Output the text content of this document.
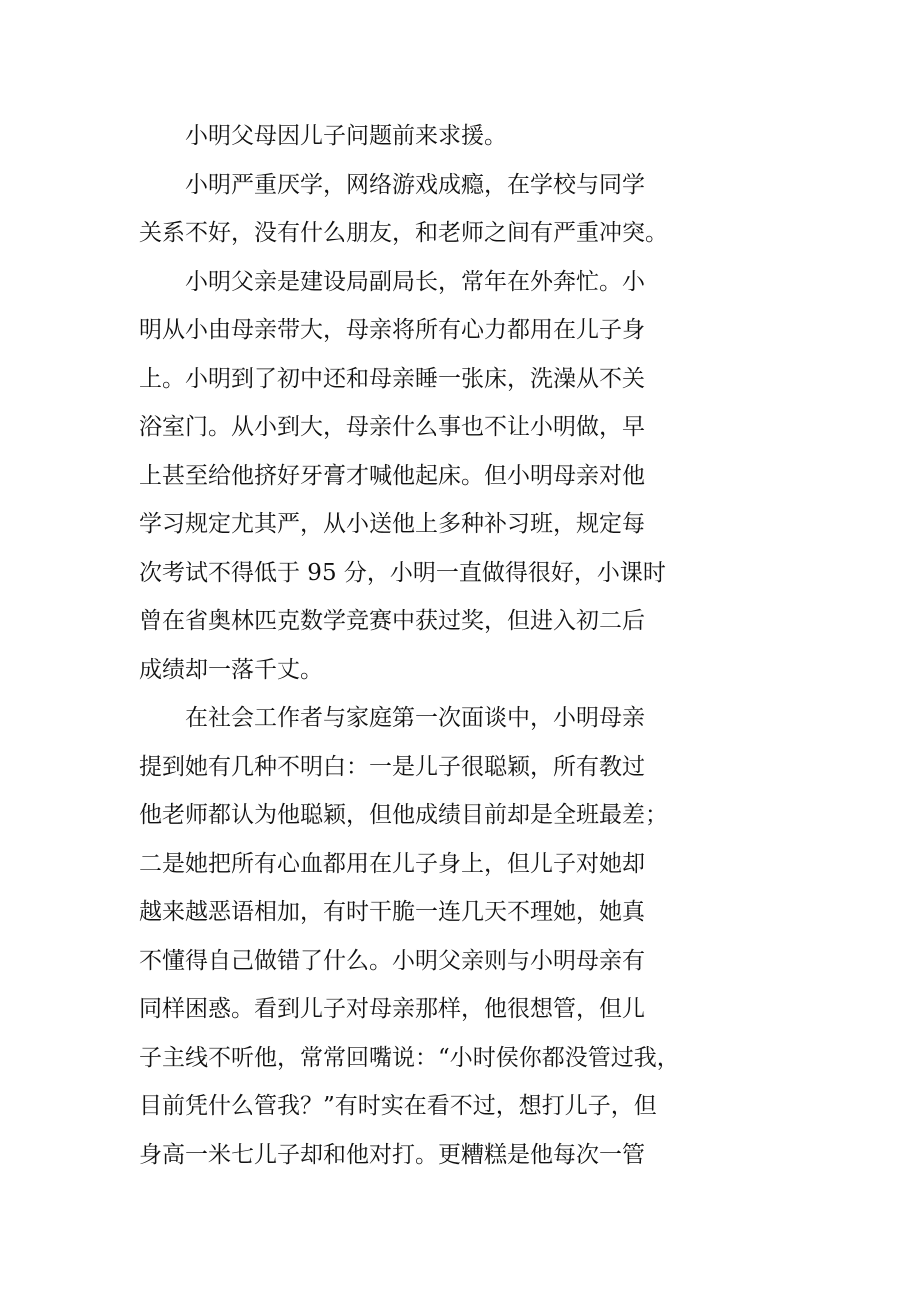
小明父母因儿子问题前来求援。
小明严重厌学，网络游戏成瘾，在学校与同学
关系不好，没有什么朋友，和老师之间有严重冲突。
小明父亲是建设局副局长，常年在外奔忙。小
明从小由母亲带大，母亲将所有心力都用在儿子身
上。小明到了初中还和母亲睡一张床，洗澡从不关
浴室门。从小到大，母亲什么事也不让小明做，早
上甚至给他挤好牙膏才喊他起床。但小明母亲对他
学习规定尤其严，从小送他上多种补习班，规定每
次考试不得低于 95 分，小明一直做得很好，小课时
曾在省奥林匹克数学竞赛中获过奖，但进入初二后
成绩却一落千丈。
在社会工作者与家庭第一次面谈中，小明母亲
提到她有几种不明白：一是儿子很聪颖，所有教过
他老师都认为他聪颖，但他成绩目前却是全班最差；
二是她把所有心血都用在儿子身上，但儿子对她却
越来越恶语相加，有时干脆一连几天不理她，她真
不懂得自己做错了什么。小明父亲则与小明母亲有
同样困惑。看到儿子对母亲那样，他很想管，但儿
子主线不听他，常常回嘴说：“小时侯你都没管过我，
目前凭什么管我？”有时实在看不过，想打儿子，但
身高一米七儿子却和他对打。更糟糕是他每次一管
